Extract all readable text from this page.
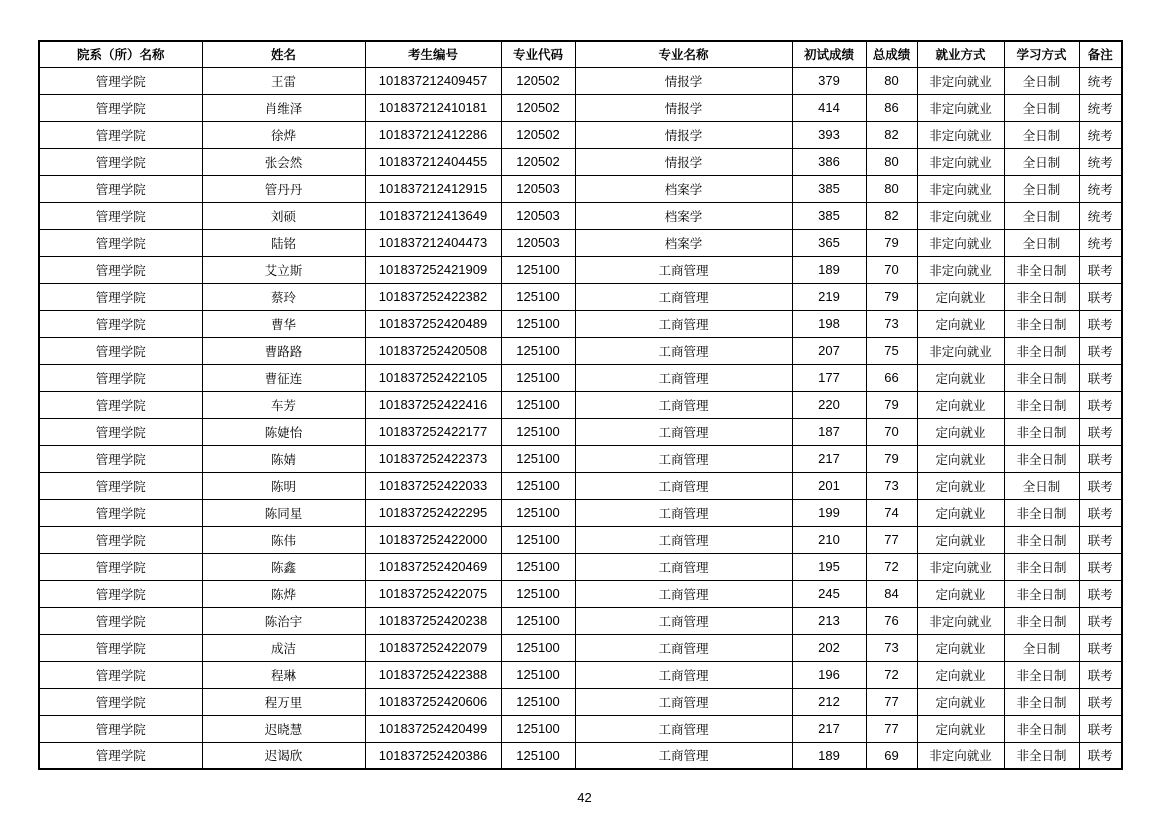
院系（所）名称	姓名	考生编号	专业代码	专业名称	初试成绩	总成绩	就业方式	学习方式	备注
管理学院	王雷	101837212409457	120502	情报学	379	80	非定向就业	全日制	统考
管理学院	肖维泽	101837212410181	120502	情报学	414	86	非定向就业	全日制	统考
管理学院	徐烨	101837212412286	120502	情报学	393	82	非定向就业	全日制	统考
管理学院	张会然	101837212404455	120502	情报学	386	80	非定向就业	全日制	统考
管理学院	管丹丹	101837212412915	120503	档案学	385	80	非定向就业	全日制	统考
管理学院	刘硕	101837212413649	120503	档案学	385	82	非定向就业	全日制	统考
管理学院	陆铭	101837212404473	120503	档案学	365	79	非定向就业	全日制	统考
管理学院	艾立斯	101837252421909	125100	工商管理	189	70	非定向就业	非全日制	联考
管理学院	蔡玲	101837252422382	125100	工商管理	219	79	定向就业	非全日制	联考
管理学院	曹华	101837252420489	125100	工商管理	198	73	定向就业	非全日制	联考
管理学院	曹路路	101837252420508	125100	工商管理	207	75	非定向就业	非全日制	联考
管理学院	曹征连	101837252422105	125100	工商管理	177	66	定向就业	非全日制	联考
管理学院	车芳	101837252422416	125100	工商管理	220	79	定向就业	非全日制	联考
管理学院	陈婕怡	101837252422177	125100	工商管理	187	70	定向就业	非全日制	联考
管理学院	陈婧	101837252422373	125100	工商管理	217	79	定向就业	非全日制	联考
管理学院	陈明	101837252422033	125100	工商管理	201	73	定向就业	全日制	联考
管理学院	陈同星	101837252422295	125100	工商管理	199	74	定向就业	非全日制	联考
管理学院	陈伟	101837252422000	125100	工商管理	210	77	定向就业	非全日制	联考
管理学院	陈鑫	101837252420469	125100	工商管理	195	72	非定向就业	非全日制	联考
管理学院	陈烨	101837252422075	125100	工商管理	245	84	定向就业	非全日制	联考
管理学院	陈治宇	101837252420238	125100	工商管理	213	76	非定向就业	非全日制	联考
管理学院	成洁	101837252422079	125100	工商管理	202	73	定向就业	全日制	联考
管理学院	程琳	101837252422388	125100	工商管理	196	72	定向就业	非全日制	联考
管理学院	程万里	101837252420606	125100	工商管理	212	77	定向就业	非全日制	联考
管理学院	迟晓慧	101837252420499	125100	工商管理	217	77	定向就业	非全日制	联考
管理学院	迟谒欣	101837252420386	125100	工商管理	189	69	非定向就业	非全日制	联考
42
